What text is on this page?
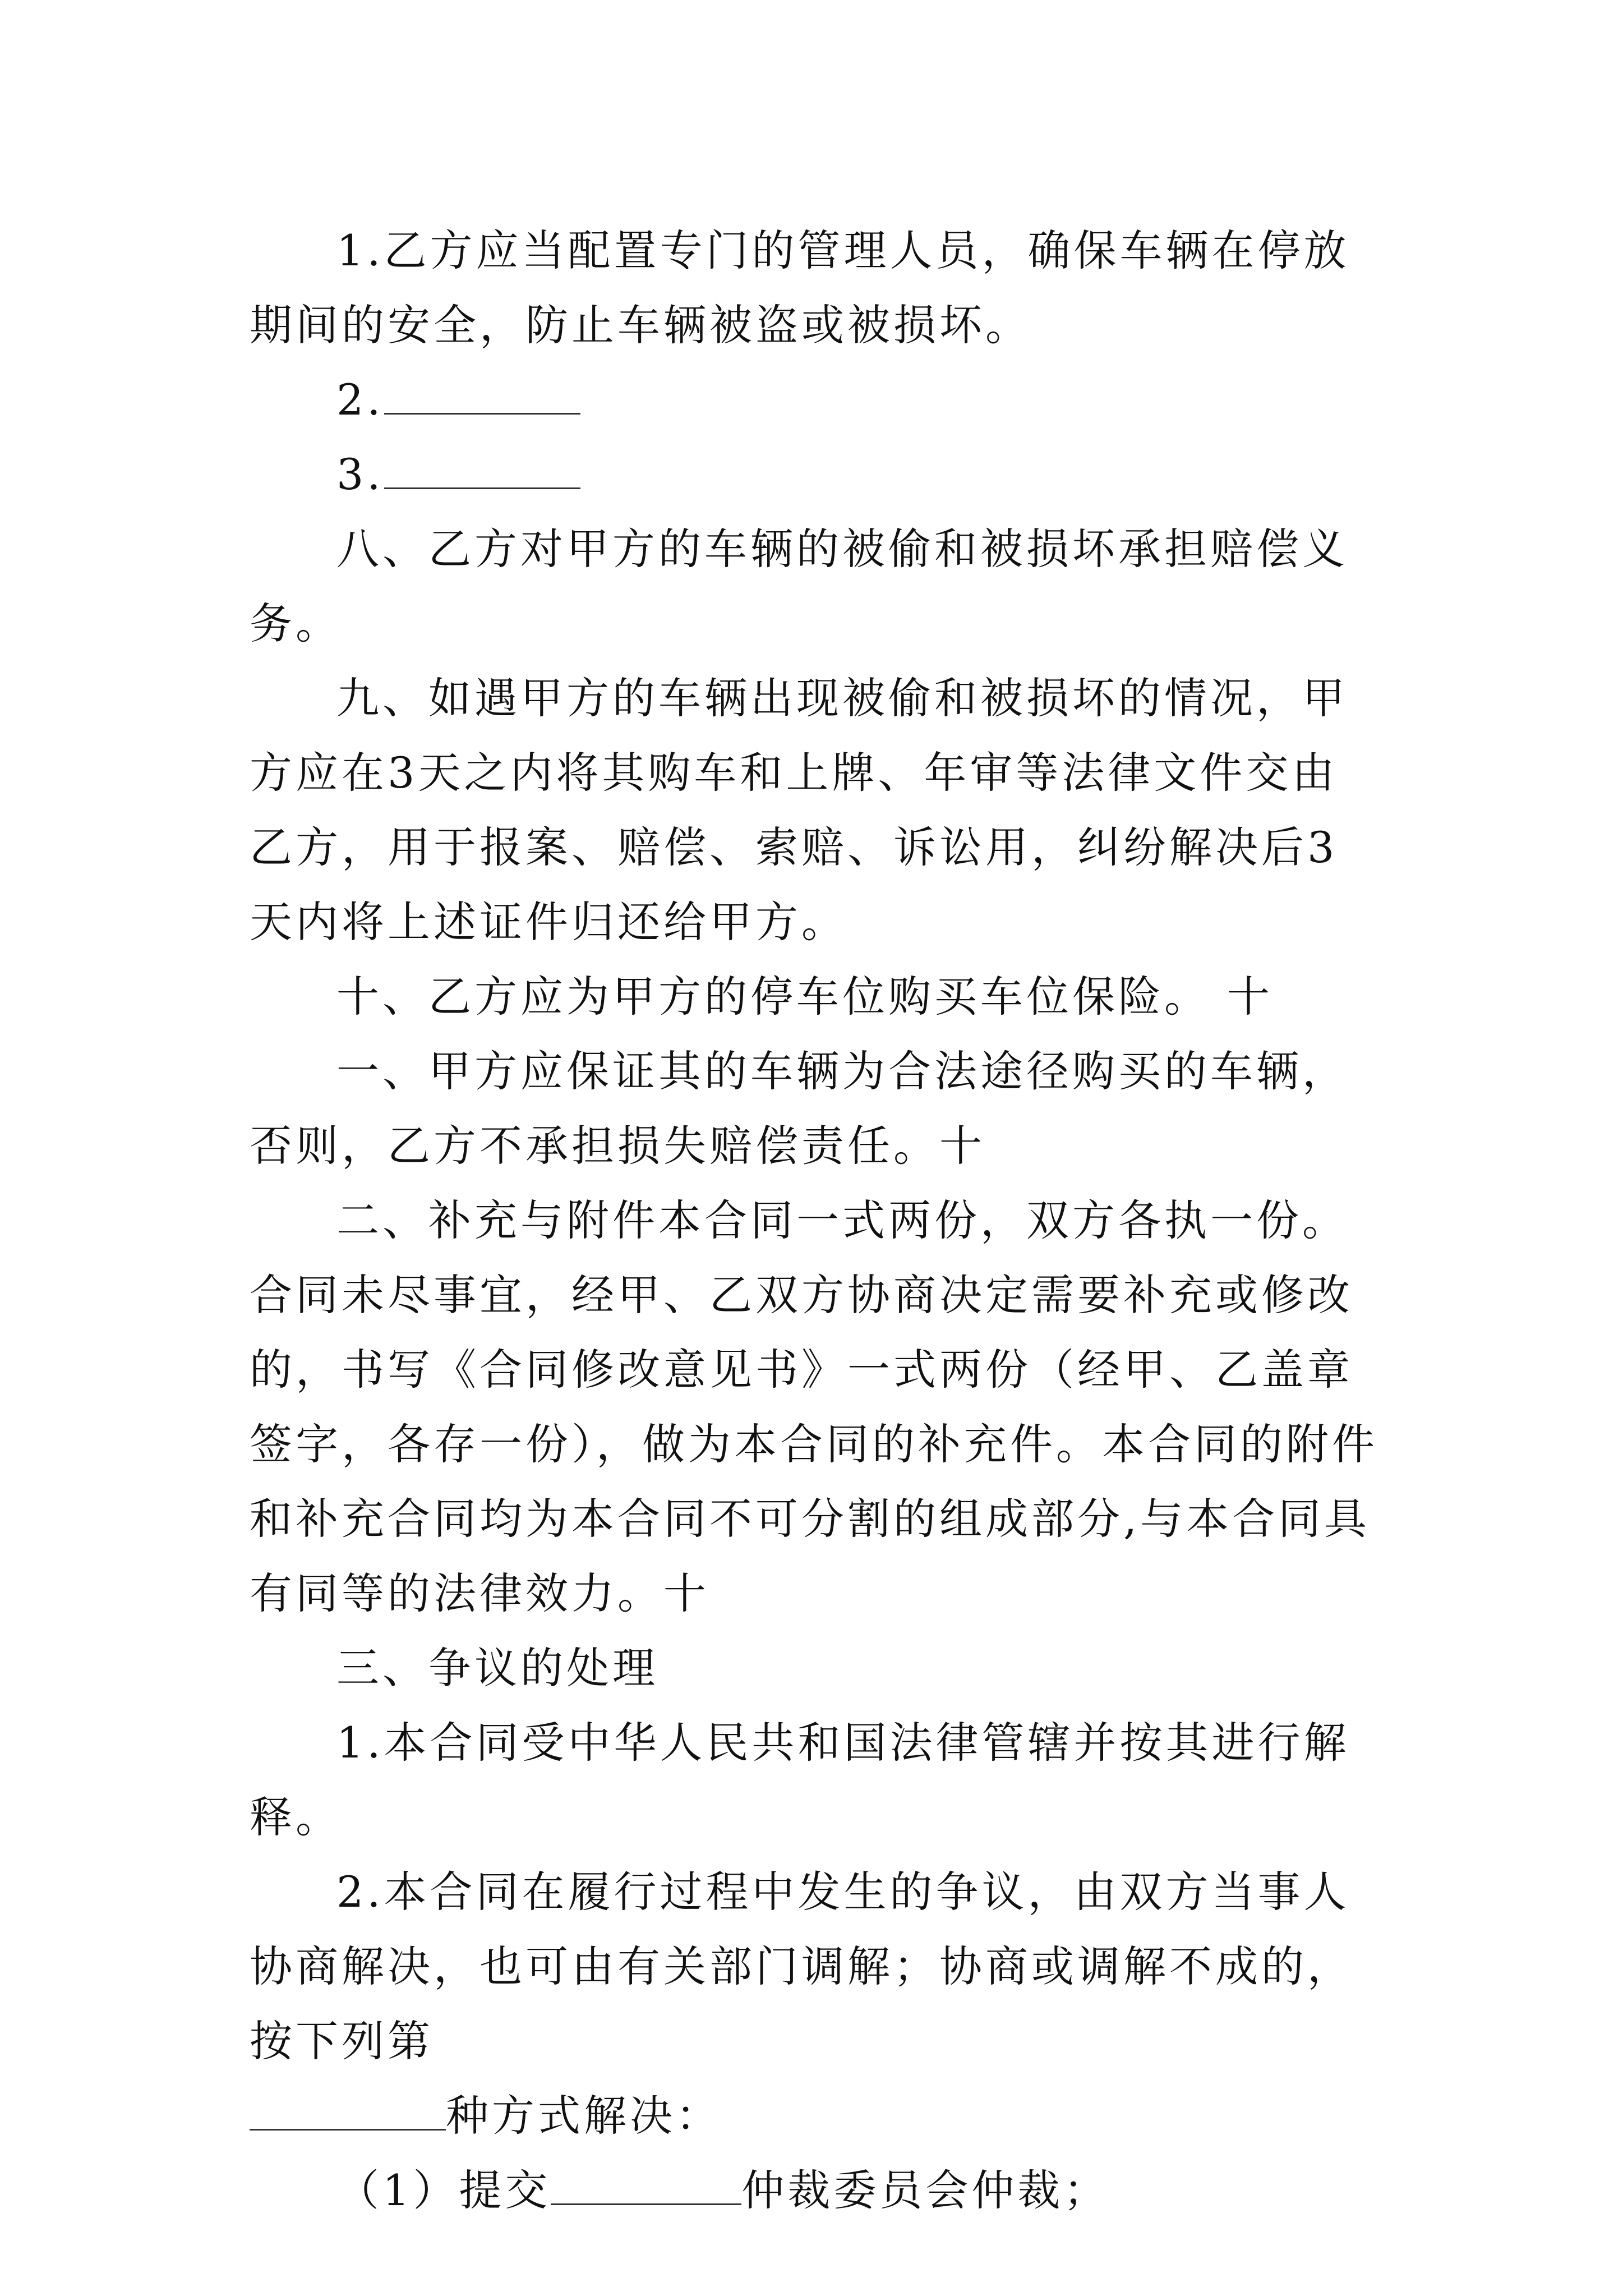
1.乙方应当配置专门的管理人员，确保车辆在停放期间的安全，防止车辆被盗或被损坏。

2.

3.

八、乙方对甲方的车辆的被偷和被损坏承担赔偿义务。

九、如遇甲方的车辆出现被偷和被损坏的情况，甲方应在3天之内将其购车和上牌、年审等法律文件交由乙方，用于报案、赔偿、索赔、诉讼用，纠纷解决后3天内将上述证件归还给甲方。

十、乙方应为甲方的停车位购买车位保险。 十

一、甲方应保证其的车辆为合法途径购买的车辆，否则，乙方不承担损失赔偿责任。十

二、补充与附件本合同一式两份，双方各执一份。合同未尽事宜，经甲、乙双方协商决定需要补充或修改的，书写《合同修改意见书》一式两份（经甲、乙盖章签字，各存一份），做为本合同的补充件。本合同的附件和补充合同均为本合同不可分割的组成部分,与本合同具有同等的法律效力。十

三、争议的处理

1.本合同受中华人民共和国法律管辖并按其进行解释。

2.本合同在履行过程中发生的争议，由双方当事人协商解决，也可由有关部门调解；协商或调解不成的，按下列第

种方式解决：

（1）提交	仲裁委员会仲裁；
